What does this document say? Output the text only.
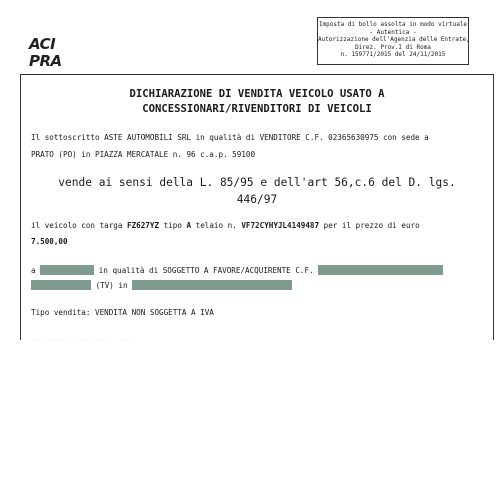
ACI
PRA
Imposta di bollo assolta in modo virtuale
- Autentica -
Autorizzazione dell'Agenzia delle Entrate,
Direz. Prov.I di Roma
n. 159771/2015 del 24/11/2015
DICHIARAZIONE DI VENDITA VEICOLO USATO A
CONCESSIONARI/RIVENDITORI DI VEICOLI
Il sottoscritto ASTE AUTOMOBILI SRL in qualità di VENDITORE C.F. 02365630975 con sede a
PRATO (PO) in PIAZZA MERCATALE n. 96 c.a.p. 59100
vende ai sensi della L. 85/95 e dell'art 56,c.6 del D. lgs.
446/97
il veicolo con targa FZ627YZ tipo A telaio n. VF72CYHYJL4149487 per il prezzo di euro
7.500,00
a	in qualità di SOGGETTO A FAVORE/ACQUIRENTE C.F.
(TV) in
Tipo vendita: VENDITA NON SOGGETTA A IVA
... ... .. .. .... ...
